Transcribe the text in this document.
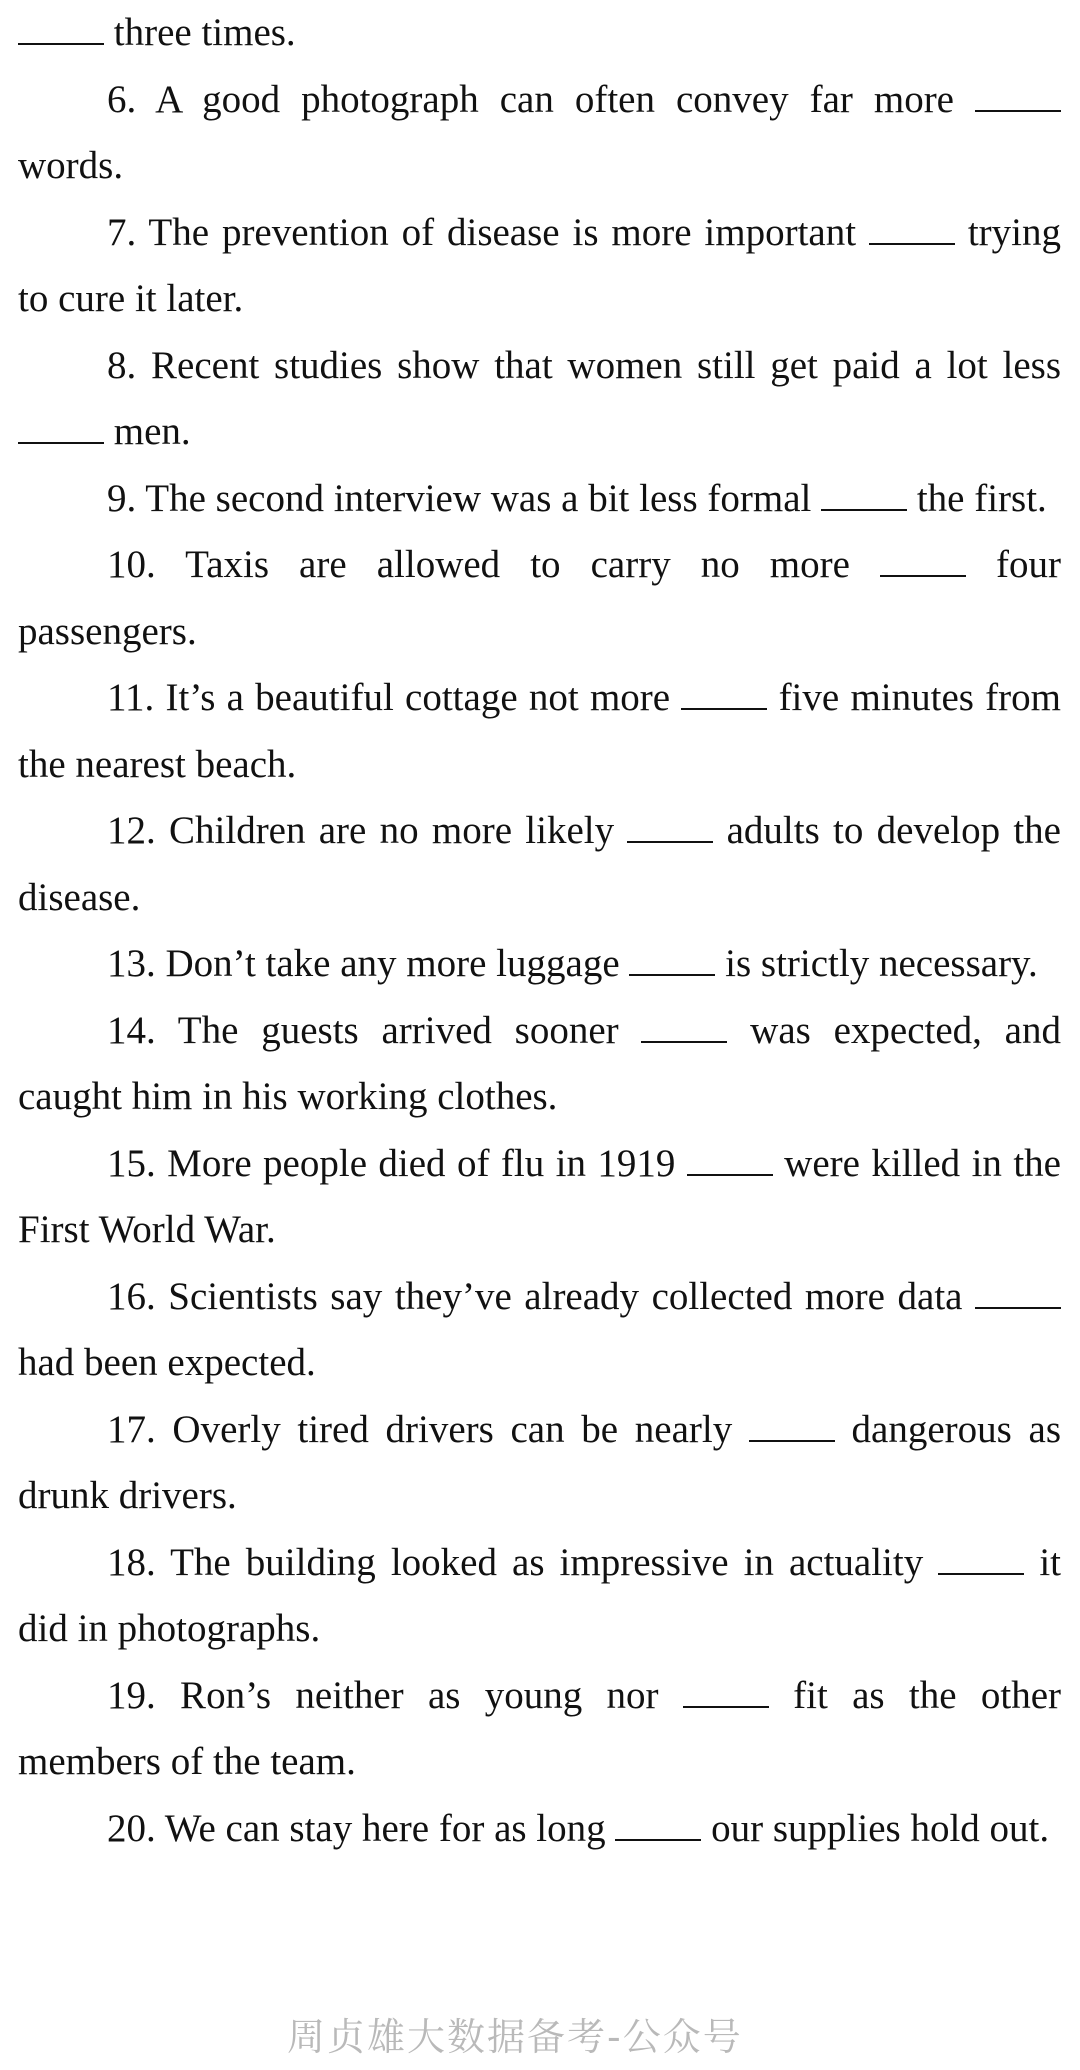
three times.

6. A good photograph can often convey far more  words.

7. The prevention of disease is more important  trying to cure it later.

8. Recent studies show that women still get paid a lot less  men.

9. The second interview was a bit less formal  the first.

10. Taxis are allowed to carry no more  four passengers.

11. It’s a beautiful cottage not more  five minutes from the nearest beach.

12. Children are no more likely  adults to develop the disease.

13. Don’t take any more luggage  is strictly necessary.

14. The guests arrived sooner  was expected, and caught him in his working clothes.

15. More people died of flu in 1919  were killed in the First World War.

16. Scientists say they’ve already collected more data  had been expected.

17. Overly tired drivers can be nearly  dangerous as drunk drivers.

18. The building looked as impressive in actuality  it did in photographs.

19. Ron’s neither as young nor  fit as the other members of the team.

20. We can stay here for as long  our supplies hold out.

周贞雄大数据备考-公众号
